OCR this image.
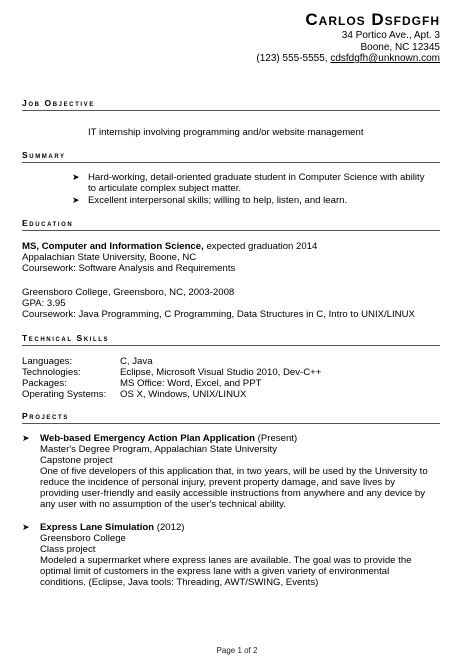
Carlos Dsfdgfh
34 Portico Ave., Apt. 3
Boone, NC 12345
(123) 555-5555, cdsfdgfh@unknown.com
Job Objective
IT internship involving programming and/or website management
Summary
➤ Hard-working, detail-oriented graduate student in Computer Science with ability
to articulate complex subject matter.
➤ Excellent interpersonal skills; willing to help, listen, and learn.
Education
MS, Computer and Information Science, expected graduation 2014
Appalachian State University, Boone, NC
Coursework: Software Analysis and Requirements
Greensboro College, Greensboro, NC, 2003-2008
GPA: 3.95
Coursework: Java Programming, C Programming, Data Structures in C, Intro to UNIX/LINUX
Technical Skills
Languages:	C, Java
Technologies:	Eclipse, Microsoft Visual Studio 2010, Dev-C++
Packages:	MS Office: Word, Excel, and PPT
Operating Systems: OS X, Windows, UNIX/LINUX
Projects
➤ Web-based Emergency Action Plan Application (Present)
Master's Degree Program, Appalachian State University
Capstone project
One of five developers of this application that, in two years, will be used by the University to
reduce the incidence of personal injury, prevent property damage, and save lives by
providing user-friendly and easily accessible instructions from anywhere and any device by
any user with no assumption of the user's technical ability.
➤ Express Lane Simulation (2012)
Greensboro College
Class project
Modeled a supermarket where express lanes are available. The goal was to provide the
optimal limit of customers in the express lane with a given variety of environmental
conditions. (Eclipse, Java tools: Threading, AWT/SWING, Events)
Page 1 of 2
